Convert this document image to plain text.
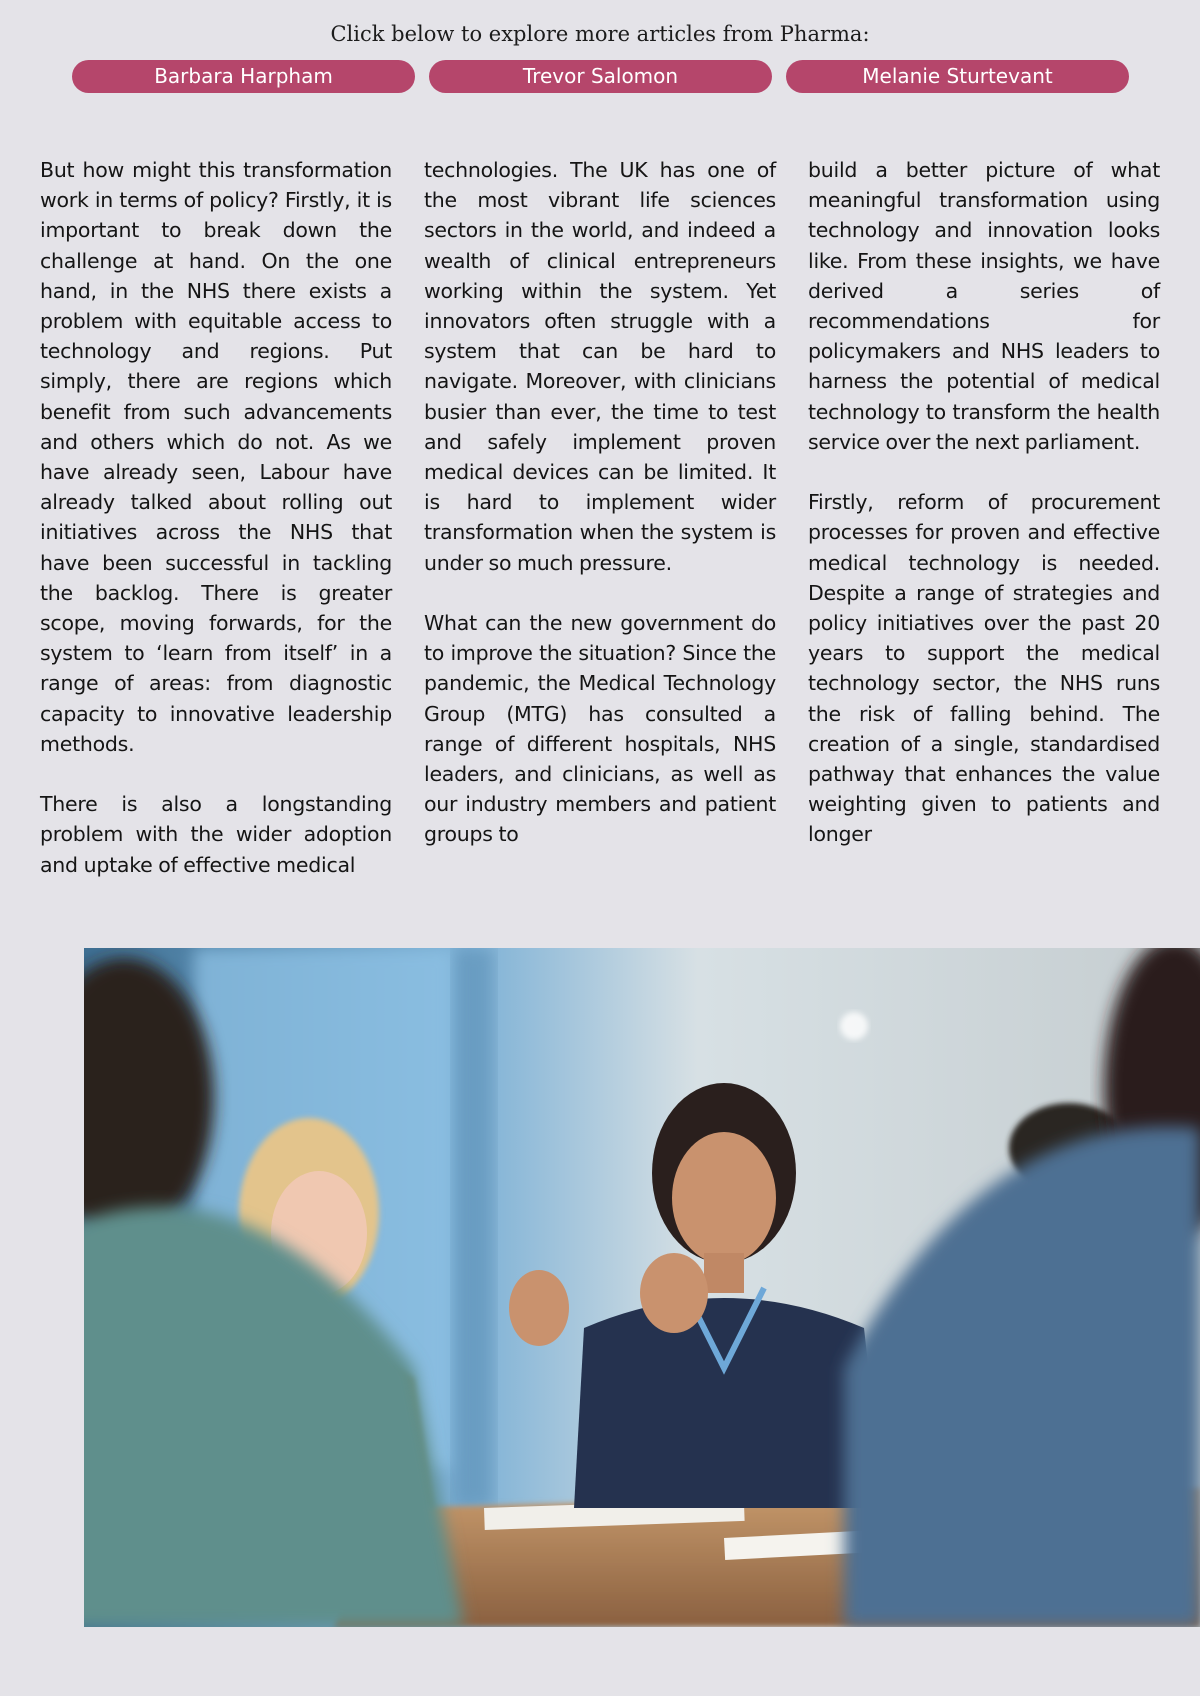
Click below to explore more articles from Pharma:
Barbara Harpham	Trevor Salomon	Melanie Sturtevant

But how might this transformation work in terms of policy? Firstly, it is important to break down the challenge at hand. On the one hand, in the NHS there exists a problem with equitable access to technology and regions. Put simply, there are regions which benefit from such advancements and others which do not. As we have already seen, Labour have already talked about rolling out initiatives across the NHS that have been successful in tackling the backlog. There is greater scope, moving forwards, for the system to ‘learn from itself’ in a range of areas: from diagnostic capacity to innovative leadership methods.

There is also a longstanding problem with the wider adoption and uptake of effective medical

technologies. The UK has one of the most vibrant life sciences sectors in the world, and indeed a wealth of clinical entrepreneurs working within the system. Yet innovators often struggle with a system that can be hard to navigate. Moreover, with clinicians busier than ever, the time to test and safely implement proven medical devices can be limited. It is hard to implement wider transformation when the system is under so much pressure.

What can the new government do to improve the situation? Since the pandemic, the Medical Technology Group (MTG) has consulted a range of different hospitals, NHS leaders, and clinicians, as well as our industry members and patient groups to

build a better picture of what meaningful transformation using technology and innovation looks like. From these insights, we have derived a series of recommendations for policymakers and NHS leaders to harness the potential of medical technology to transform the health service over the next parliament.

Firstly, reform of procurement processes for proven and effective medical technology is needed. Despite a range of strategies and policy initiatives over the past 20 years to support the medical technology sector, the NHS runs the risk of falling behind. The creation of a single, standardised pathway that enhances the value weighting given to patients and longer
